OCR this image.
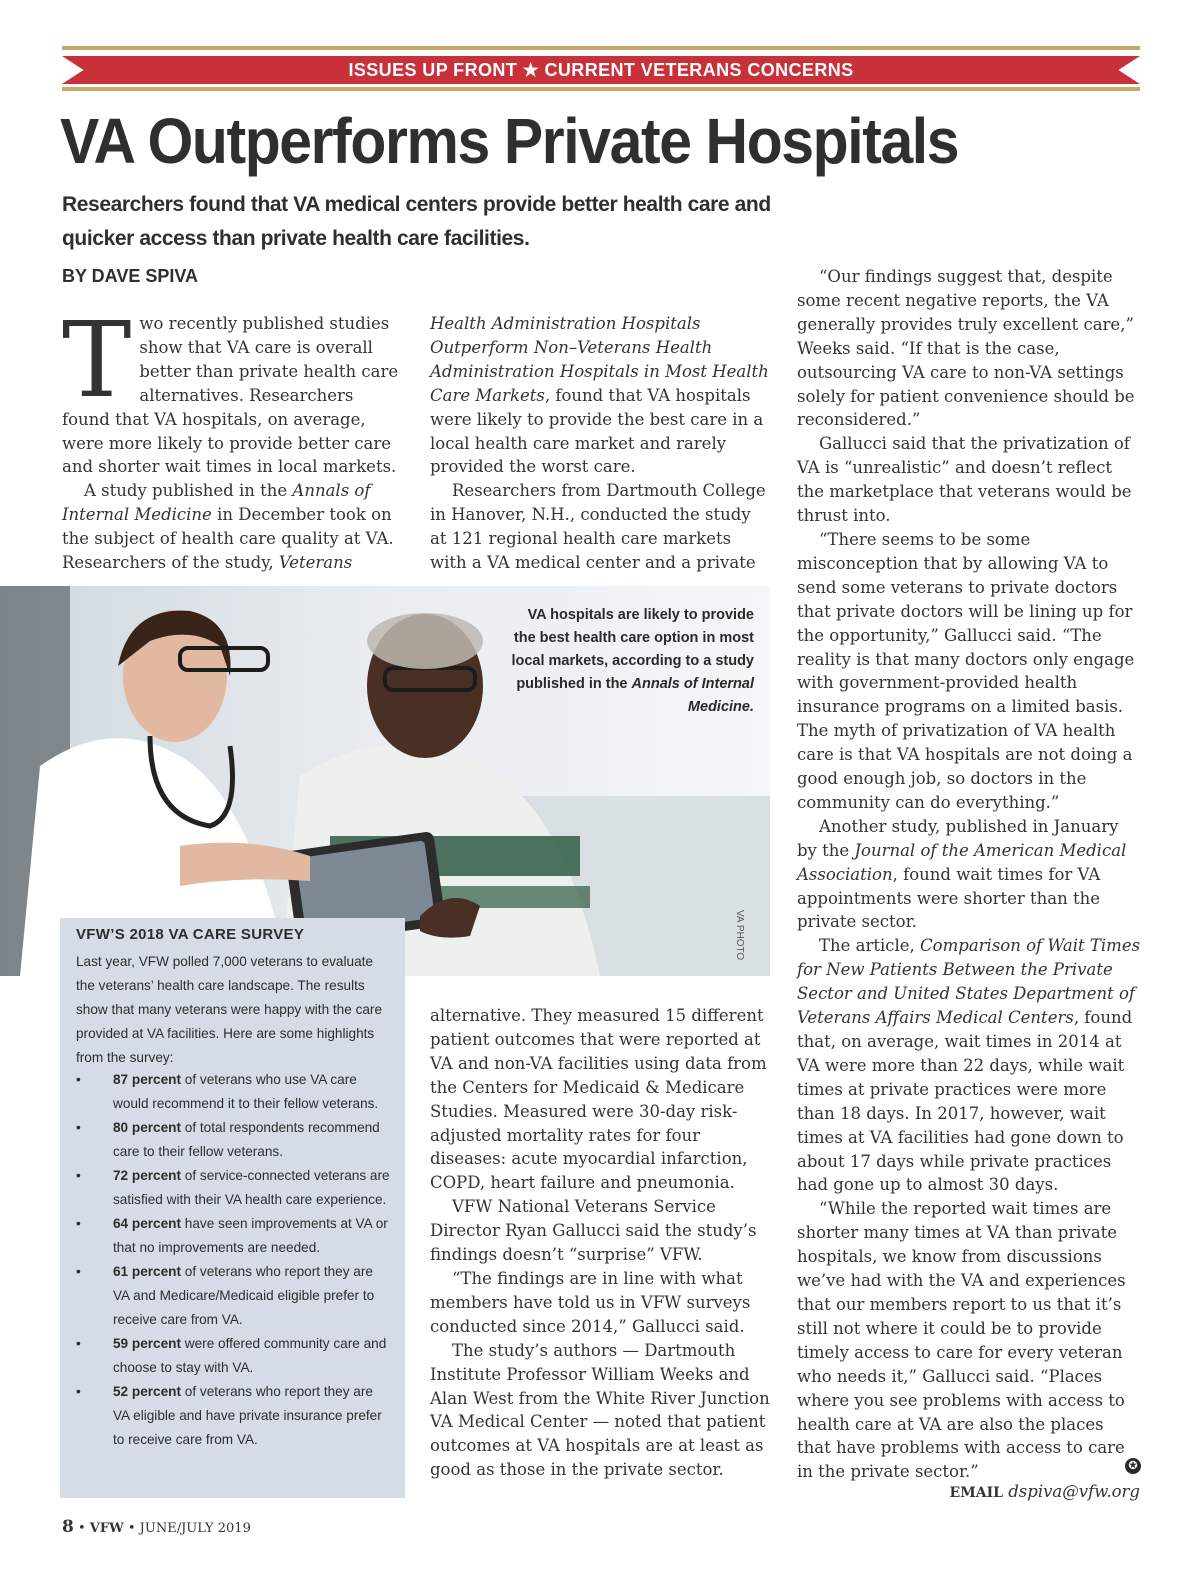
ISSUES UP FRONT ★ CURRENT VETERANS CONCERNS
VA Outperforms Private Hospitals
Researchers found that VA medical centers provide better health care and
quicker access than private health care facilities.
BY DAVE SPIVA

Two recently published studies show that VA care is overall better than private health care alternatives. Researchers found that VA hospitals, on average, were more likely to provide better care and shorter wait times in local markets.

A study published in the Annals of Internal Medicine in December took on the subject of health care quality at VA. Researchers of the study, Veterans

Health Administration Hospitals Outperform Non–Veterans Health Administration Hospitals in Most Health Care Markets, found that VA hospitals were likely to provide the best care in a local health care market and rarely provided the worst care.

Researchers from Dartmouth College in Hanover, N.H., conducted the study at 121 regional health care markets with a VA medical center and a private

VA hospitals are likely to provide the best health care option in most local markets, according to a study published in the Annals of Internal Medicine.
VA PHOTO
VFW’S 2018 VA CARE SURVEY
Last year, VFW polled 7,000 veterans to evaluate the veterans’ health care landscape. The results show that many veterans were happy with the care provided at VA facilities. Here are some highlights from the survey:
• 87 percent of veterans who use VA care would recommend it to their fellow veterans.
• 80 percent of total respondents recommend care to their fellow veterans.
• 72 percent of service-connected veterans are satisfied with their VA health care experience.
• 64 percent have seen improvements at VA or that no improvements are needed.
• 61 percent of veterans who report they are VA and Medicare/Medicaid eligible prefer to receive care from VA.
• 59 percent were offered community care and choose to stay with VA.
• 52 percent of veterans who report they are VA eligible and have private insurance prefer to receive care from VA.

alternative. They measured 15 different patient outcomes that were reported at VA and non-VA facilities using data from the Centers for Medicaid & Medicare Studies. Measured were 30-day risk-adjusted mortality rates for four diseases: acute myocardial infarction, COPD, heart failure and pneumonia.

VFW National Veterans Service Director Ryan Gallucci said the study’s findings doesn’t “surprise” VFW.

“The findings are in line with what members have told us in VFW surveys conducted since 2014,” Gallucci said.

The study’s authors — Dartmouth Institute Professor William Weeks and Alan West from the White River Junction VA Medical Center — noted that patient outcomes at VA hospitals are at least as good as those in the private sector.

“Our findings suggest that, despite some recent negative reports, the VA generally provides truly excellent care,” Weeks said. “If that is the case, outsourcing VA care to non-VA settings solely for patient convenience should be reconsidered.”

Gallucci said that the privatization of VA is “unrealistic” and doesn’t reflect the marketplace that veterans would be thrust into.

“There seems to be some misconception that by allowing VA to send some veterans to private doctors that private doctors will be lining up for the opportunity,” Gallucci said. “The reality is that many doctors only engage with government-provided health insurance programs on a limited basis. The myth of privatization of VA health care is that VA hospitals are not doing a good enough job, so doctors in the community can do everything.”

Another study, published in January by the Journal of the American Medical Association, found wait times for VA appointments were shorter than the private sector.

The article, Comparison of Wait Times for New Patients Between the Private Sector and United States Department of Veterans Affairs Medical Centers, found that, on average, wait times in 2014 at VA were more than 22 days, while wait times at private practices were more than 18 days. In 2017, however, wait times at VA facilities had gone down to about 17 days while private practices had gone up to almost 30 days.

“While the reported wait times are shorter many times at VA than private hospitals, we know from discussions we’ve had with the VA and experiences that our members report to us that it’s still not where it could be to provide timely access to care for every veteran who needs it,” Gallucci said. “Places where you see problems with access to health care at VA are also the places that have problems with access to care in the private sector.”	✪
EMAIL dspiva@vfw.org
8 • VFW • JUNE/JULY 2019
